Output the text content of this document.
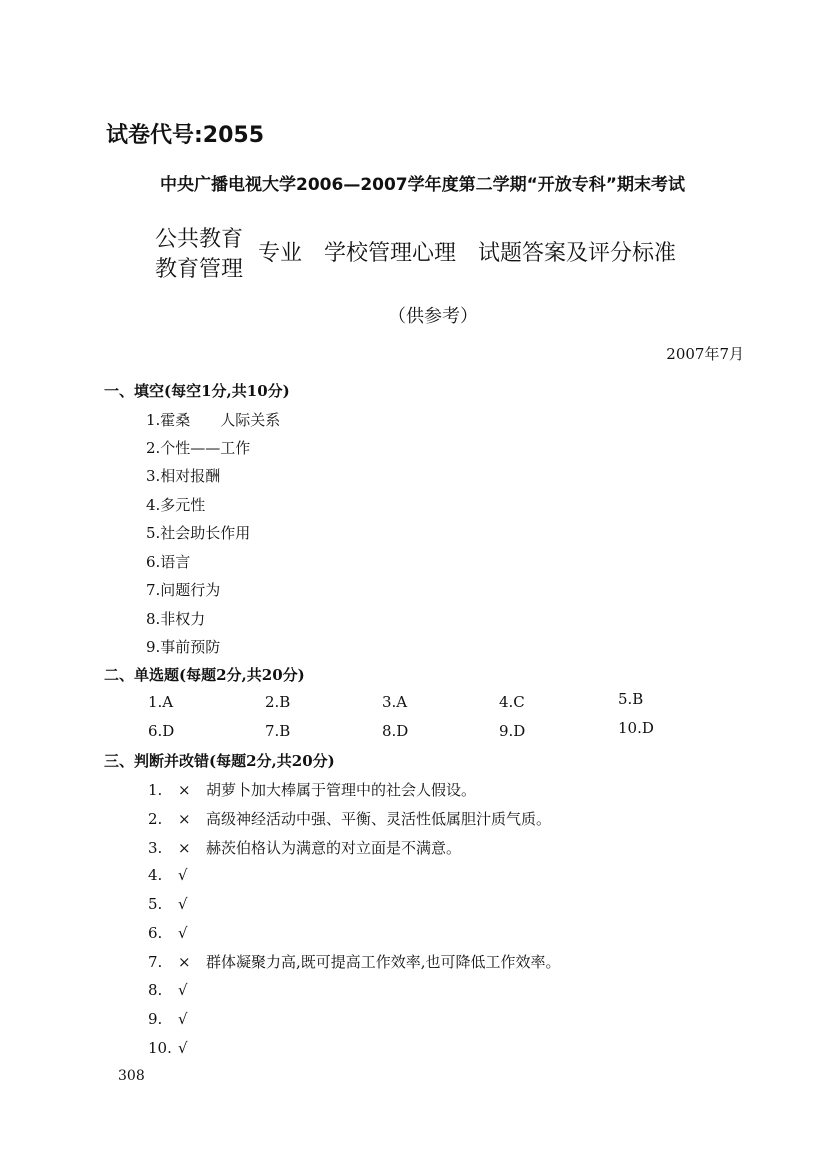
试卷代号:2055
中央广播电视大学2006—2007学年度第二学期“开放专科”期末考试
公共教育
教育管理
专业　学校管理心理　试题答案及评分标准
（供参考）
2007年7月
一、填空(每空1分,共10分)
1.霍桑　　人际关系
2.个性——工作
3.相对报酬
4.多元性
5.社会助长作用
6.语言
7.问题行为
8.非权力
9.事前预防
二、单选题(每题2分,共20分)
1.A	2.B	3.A	4.C	5.B
6.D	7.B	8.D	9.D	10.D
三、判断并改错(每题2分,共20分)
1. × 胡萝卜加大棒属于管理中的社会人假设。
2. × 高级神经活动中强、平衡、灵活性低属胆汁质气质。
3. × 赫茨伯格认为满意的对立面是不满意。
4. √
5. √
6. √
7. × 群体凝聚力高,既可提高工作效率,也可降低工作效率。
8. √
9. √
10. √
308
